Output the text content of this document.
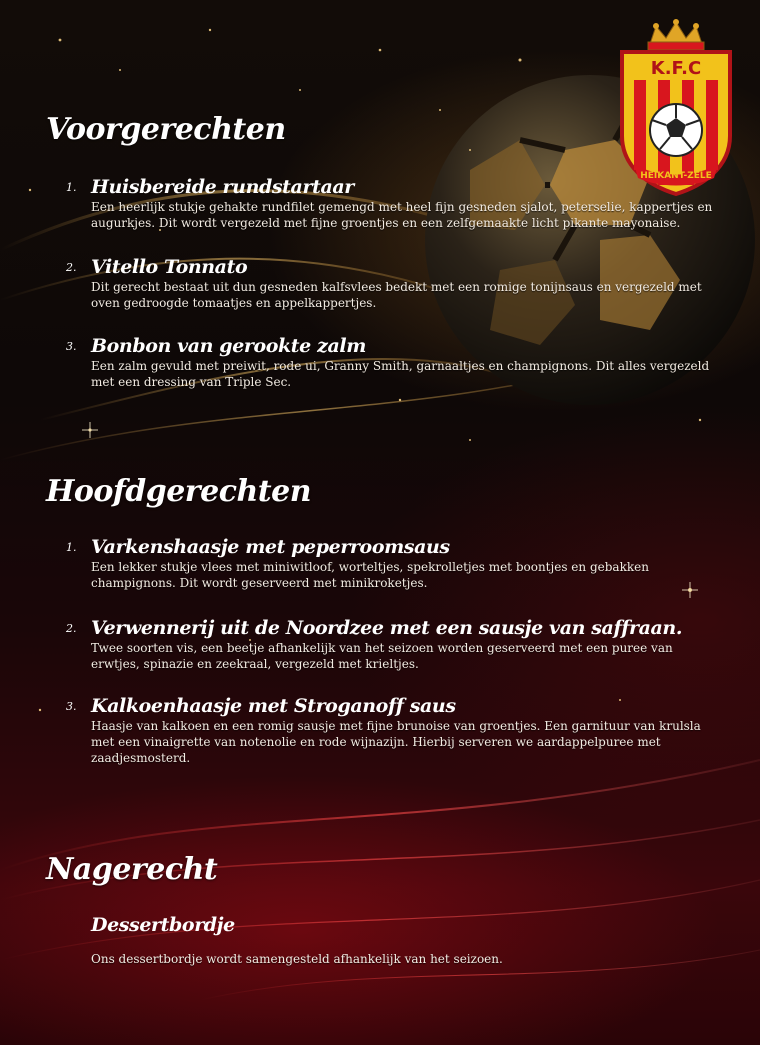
K.F.C
HEIKANT-ZELE
Voorgerechten
1. Huisbereide rundstartaar
Een heerlijk stukje gehakte rundfilet gemengd met heel fijn gesneden sjalot, peterselie, kappertjes en augurkjes. Dit wordt vergezeld met fijne groentjes en een zelfgemaakte licht pikante mayonaise.
2. Vitello Tonnato
Dit gerecht bestaat uit dun gesneden kalfsvlees bedekt met een romige tonijnsaus en vergezeld met oven gedroogde tomaatjes en appelkappertjes.
3. Bonbon van gerookte zalm
Een zalm gevuld met preiwit, rode ui, Granny Smith, garnaaltjes en champignons. Dit alles vergezeld met een dressing van Triple Sec.
Hoofdgerechten
1. Varkenshaasje met peperroomsaus
Een lekker stukje vlees met miniwitloof, worteltjes, spekrolletjes met boontjes en gebakken champignons. Dit wordt geserveerd met minikroketjes.
2. Verwennerij uit de Noordzee met een sausje van saffraan.
Twee soorten vis, een beetje afhankelijk van het seizoen worden geserveerd met een puree van erwtjes, spinazie en zeekraal, vergezeld met krieltjes.
3. Kalkoenhaasje met Stroganoff saus
Haasje van kalkoen en een romig sausje met fijne brunoise van groentjes. Een garnituur van krulsla met een vinaigrette van notenolie en rode wijnazijn. Hierbij serveren we aardappelpuree met zaadjesmosterd.
Nagerecht
Dessertbordje
Ons dessertbordje wordt samengesteld afhankelijk van het seizoen.
